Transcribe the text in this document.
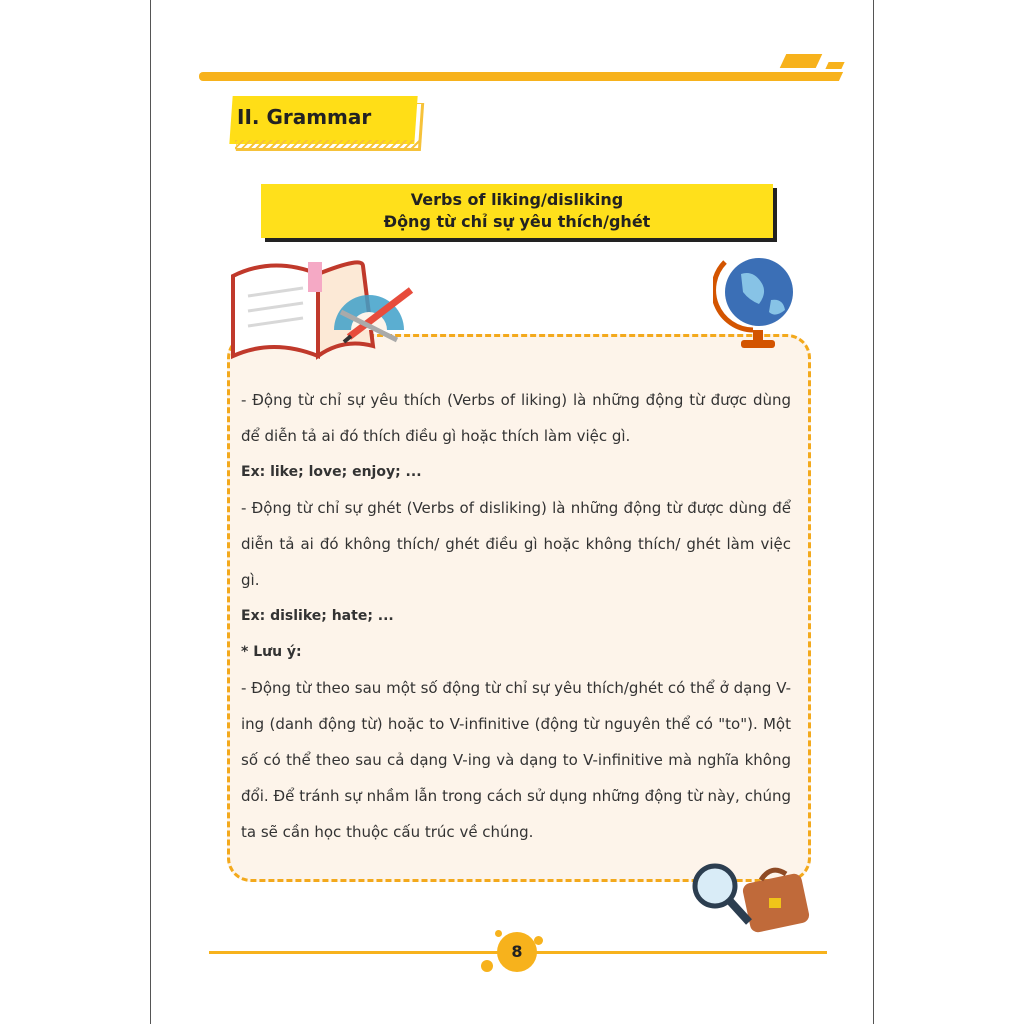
II. Grammar
Verbs of liking/disliking
Động từ chỉ sự yêu thích/ghét

- Động từ chỉ sự yêu thích (Verbs of liking) là những động từ được dùng để diễn tả ai đó thích điều gì hoặc thích làm việc gì.

Ex: like; love; enjoy; ...

- Động từ chỉ sự ghét (Verbs of disliking) là những động từ được dùng để diễn tả ai đó không thích/ ghét điều gì hoặc không thích/ ghét làm việc gì.

Ex: dislike; hate; ...

* Lưu ý:

- Động từ theo sau một số động từ chỉ sự yêu thích/ghét có thể ở dạng V-ing (danh động từ) hoặc to V-infinitive (động từ nguyên thể có "to"). Một số có thể theo sau cả dạng V-ing và dạng to V-infinitive mà nghĩa không đổi. Để tránh sự nhầm lẫn trong cách sử dụng những động từ này, chúng ta sẽ cần học thuộc cấu trúc về chúng.

8
